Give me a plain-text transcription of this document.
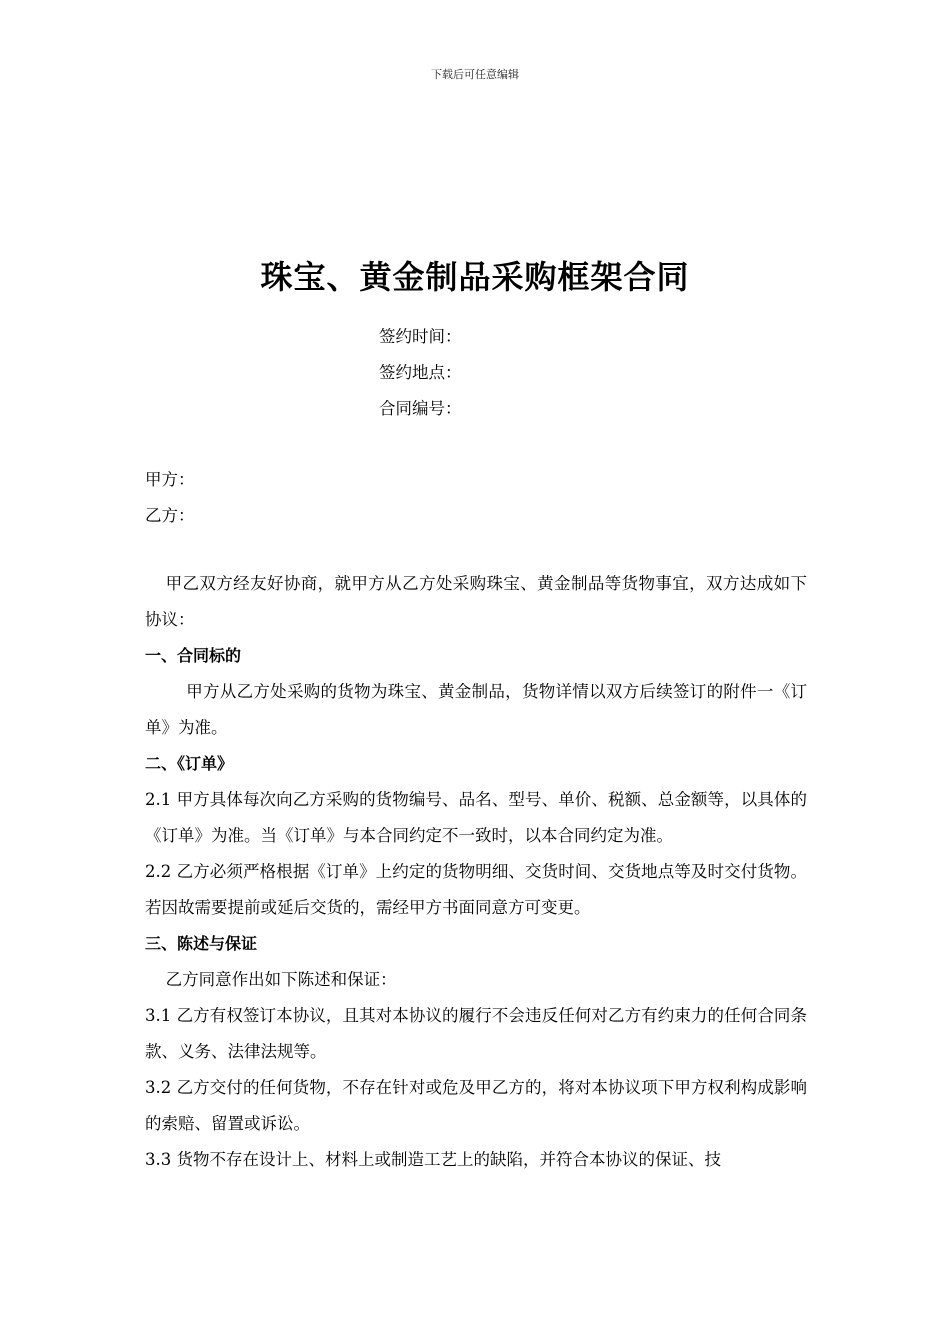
下载后可任意编辑
珠宝、黄金制品采购框架合同
签约时间：
签约地点：
合同编号：
甲方：
乙方：

甲乙双方经友好协商，就甲方从乙方处采购珠宝、黄金制品等货物事宜，双方达成如下协议：

一、合同标的

甲方从乙方处采购的货物为珠宝、黄金制品，货物详情以双方后续签订的附件一《订单》为准。

二、《订单》

2.1 甲方具体每次向乙方采购的货物编号、品名、型号、单价、税额、总金额等，以具体的《订单》为准。当《订单》与本合同约定不一致时，以本合同约定为准。

2.2 乙方必须严格根据《订单》上约定的货物明细、交货时间、交货地点等及时交付货物。若因故需要提前或延后交货的，需经甲方书面同意方可变更。

三、陈述与保证

乙方同意作出如下陈述和保证：

3.1 乙方有权签订本协议，且其对本协议的履行不会违反任何对乙方有约束力的任何合同条款、义务、法律法规等。

3.2 乙方交付的任何货物，不存在针对或危及甲乙方的，将对本协议项下甲方权利构成影响的索赔、留置或诉讼。

3.3 货物不存在设计上、材料上或制造工艺上的缺陷，并符合本协议的保证、技
